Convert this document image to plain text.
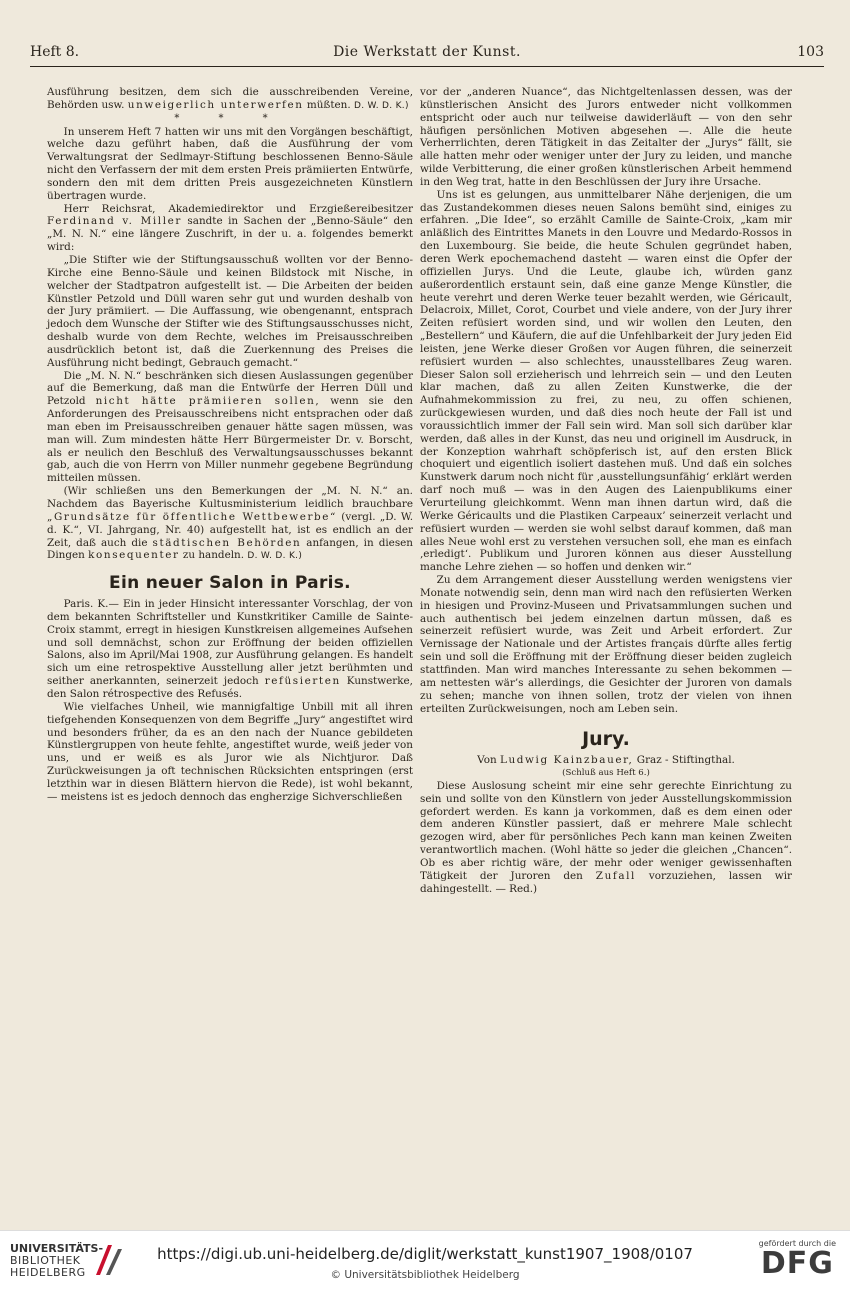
Heft 8.	Die Werkstatt der Kunst.	103

Ausführung besitzen, dem sich die ausschreibenden Vereine, Behörden usw. unweigerlich unterwerfen müßten. D. W. D. K.)

* * *

In unserem Heft 7 hatten wir uns mit den Vorgängen beschäftigt, welche dazu geführt haben, daß die Ausführung der vom Verwaltungsrat der Sedlmayr-Stiftung beschlossenen Benno-Säule nicht den Verfassern der mit dem ersten Preis prämiierten Entwürfe, sondern den mit dem dritten Preis ausgezeichneten Künstlern übertragen wurde.

Herr Reichsrat, Akademiedirektor und Erzgießereibesitzer Ferdinand v. Miller sandte in Sachen der „Benno-Säule“ den „M. N. N.“ eine längere Zuschrift, in der u. a. folgendes bemerkt wird:

„Die Stifter wie der Stiftungsausschuß wollten vor der Benno-Kirche eine Benno-Säule und keinen Bildstock mit Nische, in welcher der Stadtpatron aufgestellt ist. — Die Arbeiten der beiden Künstler Petzold und Düll waren sehr gut und wurden deshalb von der Jury prämiiert. — Die Auffassung, wie obengenannt, entsprach jedoch dem Wunsche der Stifter wie des Stiftungsausschusses nicht, deshalb wurde von dem Rechte, welches im Preisausschreiben ausdrücklich betont ist, daß die Zuerkennung des Preises die Ausführung nicht bedingt, Gebrauch gemacht.“

Die „M. N. N.“ beschränken sich diesen Auslassungen gegenüber auf die Bemerkung, daß man die Entwürfe der Herren Düll und Petzold nicht hätte prämiieren sollen, wenn sie den Anforderungen des Preisausschreibens nicht entsprachen oder daß man eben im Preisausschreiben genauer hätte sagen müssen, was man will. Zum mindesten hätte Herr Bürgermeister Dr. v. Borscht, als er neulich den Beschluß des Verwaltungsausschusses bekannt gab, auch die von Herrn von Miller nunmehr gegebene Begründung mitteilen müssen.

(Wir schließen uns den Bemerkungen der „M. N. N.“ an. Nachdem das Bayerische Kultusministerium leidlich brauchbare „Grundsätze für öffentliche Wettbewerbe“ (vergl. „D. W. d. K.“, VI. Jahrgang, Nr. 40) aufgestellt hat, ist es endlich an der Zeit, daß auch die städtischen Behörden anfangen, in diesen Dingen konsequenter zu handeln. D. W. D. K.)

Ein neuer Salon in Paris.

Paris. K.— Ein in jeder Hinsicht interessanter Vorschlag, der von dem bekannten Schriftsteller und Kunstkritiker Camille de Sainte-Croix stammt, erregt in hiesigen Kunstkreisen allgemeines Aufsehen und soll demnächst, schon zur Eröffnung der beiden offiziellen Salons, also im April/Mai 1908, zur Ausführung gelangen. Es handelt sich um eine retrospektive Ausstellung aller jetzt berühmten und seither anerkannten, seinerzeit jedoch refüsierten Kunstwerke, den Salon rétrospective des Refusés.

Wie vielfaches Unheil, wie mannigfaltige Unbill mit all ihren tiefgehenden Konsequenzen von dem Begriffe „Jury“ angestiftet wird und besonders früher, da es an den nach der Nuance gebildeten Künstlergruppen von heute fehlte, angestiftet wurde, weiß jeder von uns, und er weiß es als Juror wie als Nichtjuror. Daß Zurückweisungen ja oft technischen Rücksichten entspringen (erst letzthin war in diesen Blättern hiervon die Rede), ist wohl bekannt, — meistens ist es jedoch dennoch das engherzige Sichverschließen

vor der „anderen Nuance“, das Nichtgeltenlassen dessen, was der künstlerischen Ansicht des Jurors entweder nicht vollkommen entspricht oder auch nur teilweise dawiderläuft — von den sehr häufigen persönlichen Motiven abgesehen —. Alle die heute Verherrlichten, deren Tätigkeit in das Zeitalter der „Jurys“ fällt, sie alle hatten mehr oder weniger unter der Jury zu leiden, und manche wilde Verbitterung, die einer großen künstlerischen Arbeit hemmend in den Weg trat, hatte in den Beschlüssen der Jury ihre Ursache.

Uns ist es gelungen, aus unmittelbarer Nähe derjenigen, die um das Zustandekommen dieses neuen Salons bemüht sind, einiges zu erfahren. „Die Idee“, so erzählt Camille de Sainte-Croix, „kam mir anläßlich des Eintrittes Manets in den Louvre und Medardo-Rossos in den Luxembourg. Sie beide, die heute Schulen gegründet haben, deren Werk epochemachend dasteht — waren einst die Opfer der offiziellen Jurys. Und die Leute, glaube ich, würden ganz außerordentlich erstaunt sein, daß eine ganze Menge Künstler, die heute verehrt und deren Werke teuer bezahlt werden, wie Géricault, Delacroix, Millet, Corot, Courbet und viele andere, von der Jury ihrer Zeiten refüsiert worden sind, und wir wollen den Leuten, den „Bestellern“ und Käufern, die auf die Unfehlbarkeit der Jury jeden Eid leisten, jene Werke dieser Großen vor Augen führen, die seinerzeit refüsiert wurden — also schlechtes, unausstellbares Zeug waren. Dieser Salon soll erzieherisch und lehrreich sein — und den Leuten klar machen, daß zu allen Zeiten Kunstwerke, die der Aufnahmekommission zu frei, zu neu, zu offen schienen, zurückgewiesen wurden, und daß dies noch heute der Fall ist und voraussichtlich immer der Fall sein wird. Man soll sich darüber klar werden, daß alles in der Kunst, das neu und originell im Ausdruck, in der Konzeption wahrhaft schöpferisch ist, auf den ersten Blick choquiert und eigentlich isoliert dastehen muß. Und daß ein solches Kunstwerk darum noch nicht für ‚ausstellungsunfähig‘ erklärt werden darf noch muß — was in den Augen des Laienpublikums einer Verurteilung gleichkommt. Wenn man ihnen dartun wird, daß die Werke Géricaults und die Plastiken Carpeaux’ seinerzeit verlacht und refüsiert wurden — werden sie wohl selbst darauf kommen, daß man alles Neue wohl erst zu verstehen versuchen soll, ehe man es einfach ‚erledigt‘. Publikum und Juroren können aus dieser Ausstellung manche Lehre ziehen — so hoffen und denken wir.“

Zu dem Arrangement dieser Ausstellung werden wenigstens vier Monate notwendig sein, denn man wird nach den refüsierten Werken in hiesigen und Provinz-Museen und Privatsammlungen suchen und auch authentisch bei jedem einzelnen dartun müssen, daß es seinerzeit refüsiert wurde, was Zeit und Arbeit erfordert. Zur Vernissage der Nationale und der Artistes français dürfte alles fertig sein und soll die Eröffnung mit der Eröffnung dieser beiden zugleich stattfinden. Man wird manches Interessante zu sehen bekommen — am nettesten wär’s allerdings, die Gesichter der Juroren von damals zu sehen; manche von ihnen sollen, trotz der vielen von ihnen erteilten Zurückweisungen, noch am Leben sein.

Jury.

Von Ludwig Kainzbauer, Graz - Stiftingthal.

(Schluß aus Heft 6.)

Diese Auslosung scheint mir eine sehr gerechte Einrichtung zu sein und sollte von den Künstlern von jeder Ausstellungskommission gefordert werden. Es kann ja vorkommen, daß es dem einen oder dem anderen Künstler passiert, daß er mehrere Male schlecht gezogen wird, aber für persönliches Pech kann man keinen Zweiten verantwortlich machen. (Wohl hätte so jeder die gleichen „Chancen“. Ob es aber richtig wäre, der mehr oder weniger gewissenhaften Tätigkeit der Juroren den Zufall vorzuziehen, lassen wir dahingestellt. — Red.)

UNIVERSITÄTS-
BIBLIOTHEK
HEIDELBERG
https://digi.ub.uni-heidelberg.de/diglit/werkstatt_kunst1907_1908/0107
© Universitätsbibliothek Heidelberg
gefördert durch die
DFG
